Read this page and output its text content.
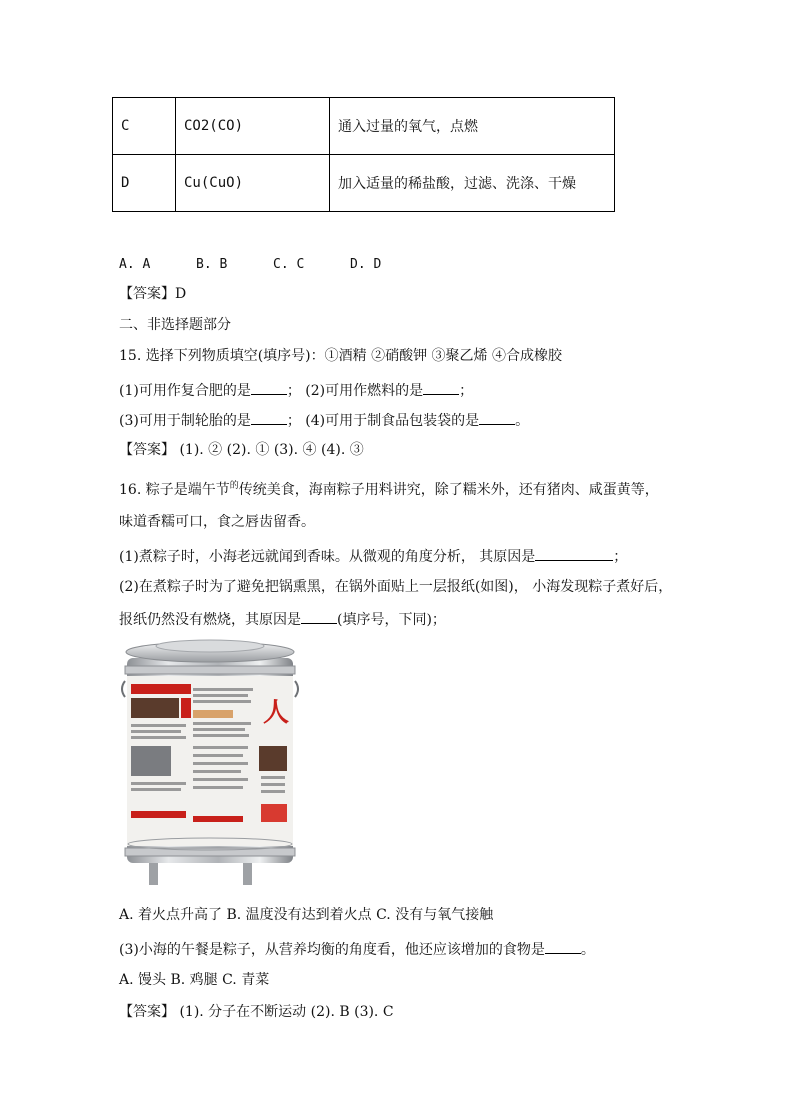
C	CO2(CO)	通入过量的氧气，点燃
D	Cu(CuO)	加入适量的稀盐酸，过滤、洗涤、干燥
A. A	B. B	C. C	D. D
【答案】D
二、非选择题部分
15. 选择下列物质填空(填序号)：①酒精 ②硝酸钾 ③聚乙烯 ④合成橡胶
(1)可用作复合肥的是	； (2)可用作燃料的是	；
(3)可用于制轮胎的是	； (4)可用于制食品包装袋的是	。
【答案】 (1). ② (2). ① (3). ④ (4). ③
16. 粽子是端午节$^的$传统美食，海南粽子用料讲究，除了糯米外，还有猪肉、咸蛋黄等，
味道香糯可口，食之唇齿留香。
(1)煮粽子时，小海老远就闻到香味。从微观的角度分析， 其原因是	；
(2)在煮粽子时为了避免把锅熏黑，在锅外面贴上一层报纸(如图)， 小海发现粽子煮好后，
报纸仍然没有燃烧，其原因是	(填序号，下同)；
人
A. 着火点升高了 B. 温度没有达到着火点 C. 没有与氧气接触
(3)小海的午餐是粽子，从营养均衡的角度看，他还应该增加的食物是	。
A. 馒头 B. 鸡腿 C. 青菜
【答案】 (1). 分子在不断运动 (2). B (3). C
